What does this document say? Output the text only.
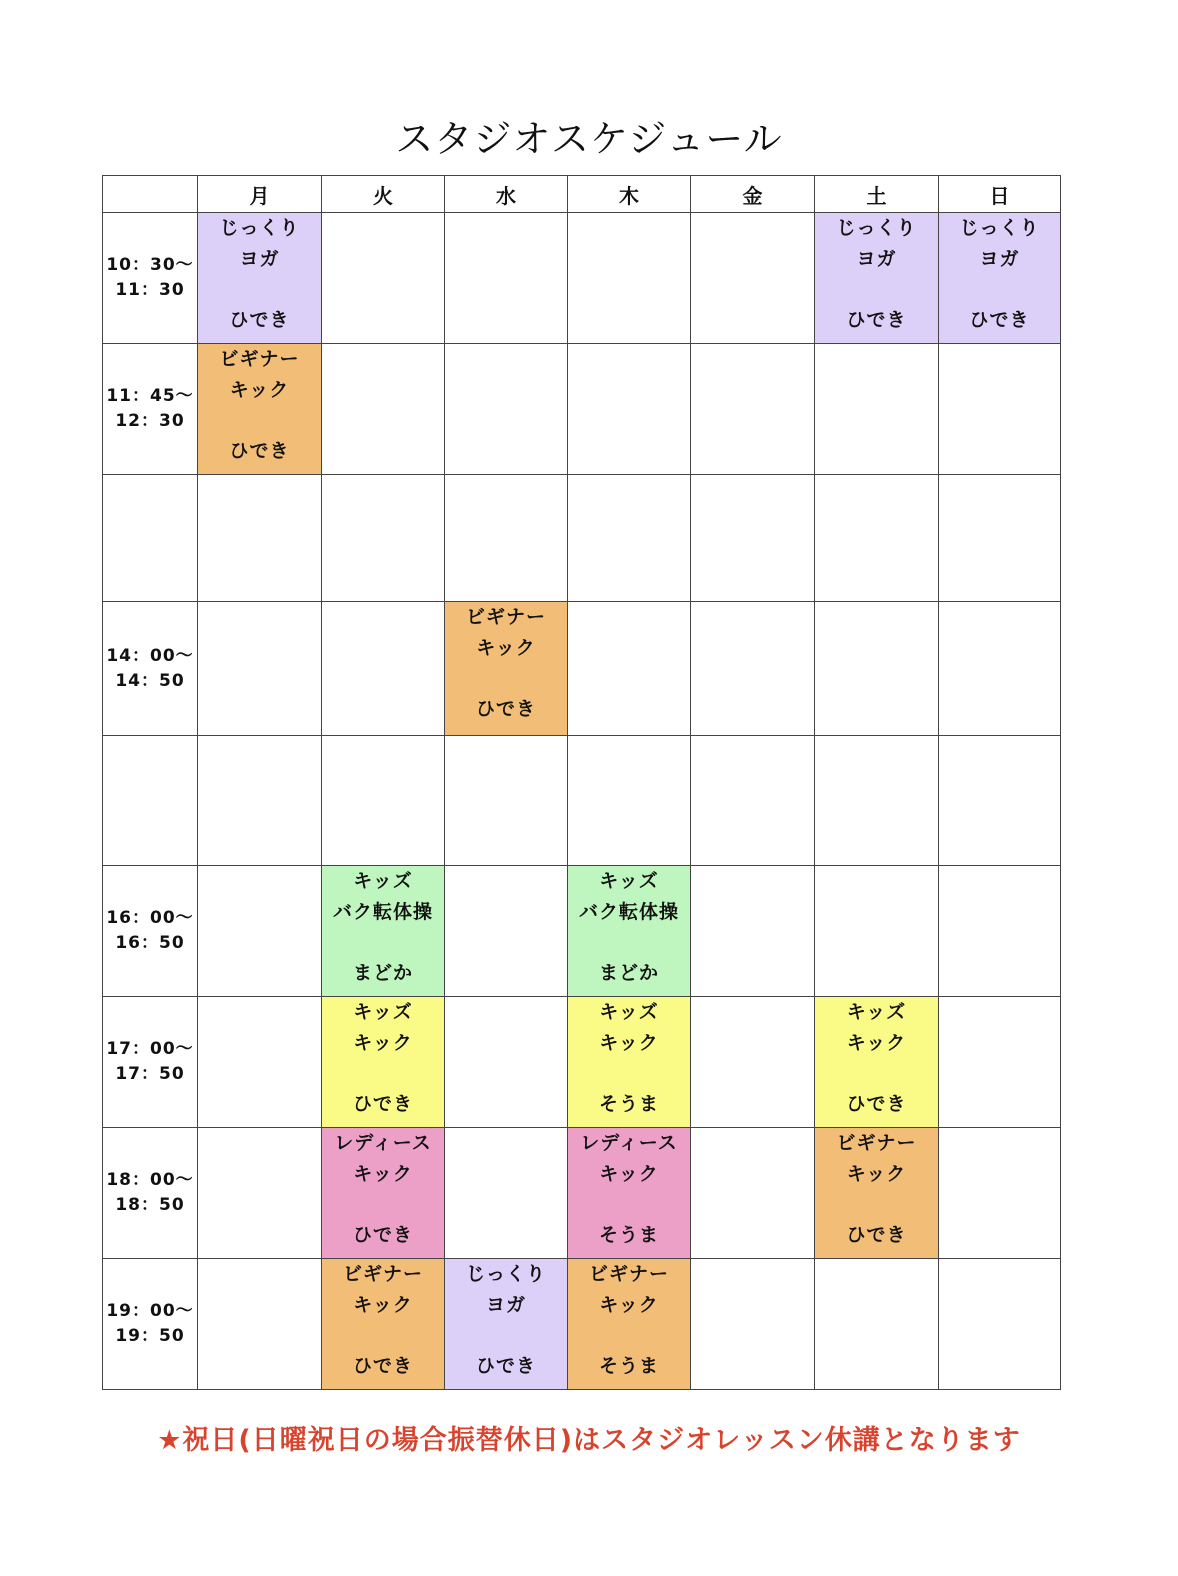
スタジオスケジュール
	月	火	水	木	金	土	日

10：30〜
11：30	じっくり
ヨガ
ひでき					じっくり
ヨガ
ひでき	じっくり
ヨガ
ひでき

11：45〜
12：30	ビギナー
キック
ひでき						

14：00〜
14：50			ビギナー
キック
ひでき				

16：00〜
16：50		キッズ
バク転体操
まどか		キッズ
バク転体操
まどか			

17：00〜
17：50		キッズ
キック
ひでき		キッズ
キック
そうま		キッズ
キック
ひでき	

18：00〜
18：50		レディース
キック
ひでき		レディース
キック
そうま		ビギナー
キック
ひでき	

19：00〜
19：50		ビギナー
キック
ひでき	じっくり
ヨガ
ひでき	ビギナー
キック
そうま			

★祝日(日曜祝日の場合振替休日)はスタジオレッスン休講となります
